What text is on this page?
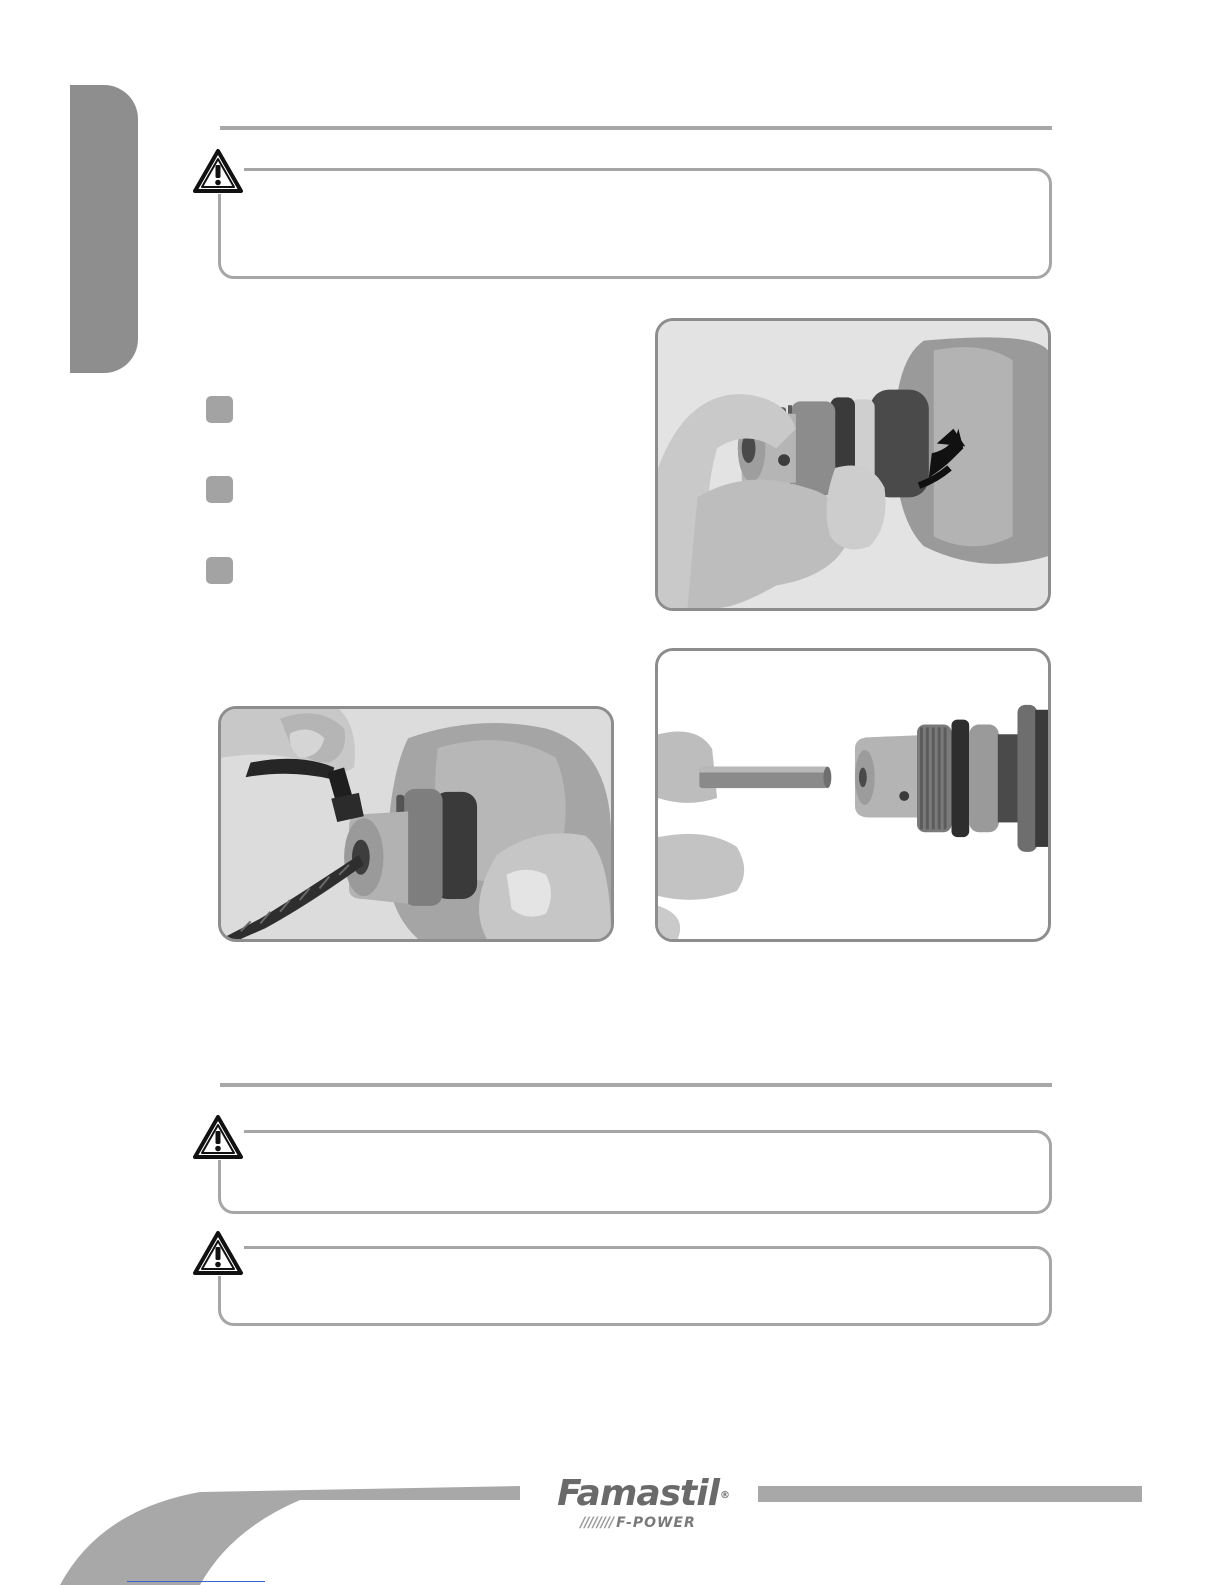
Famastil ®
//////// F-POWER
